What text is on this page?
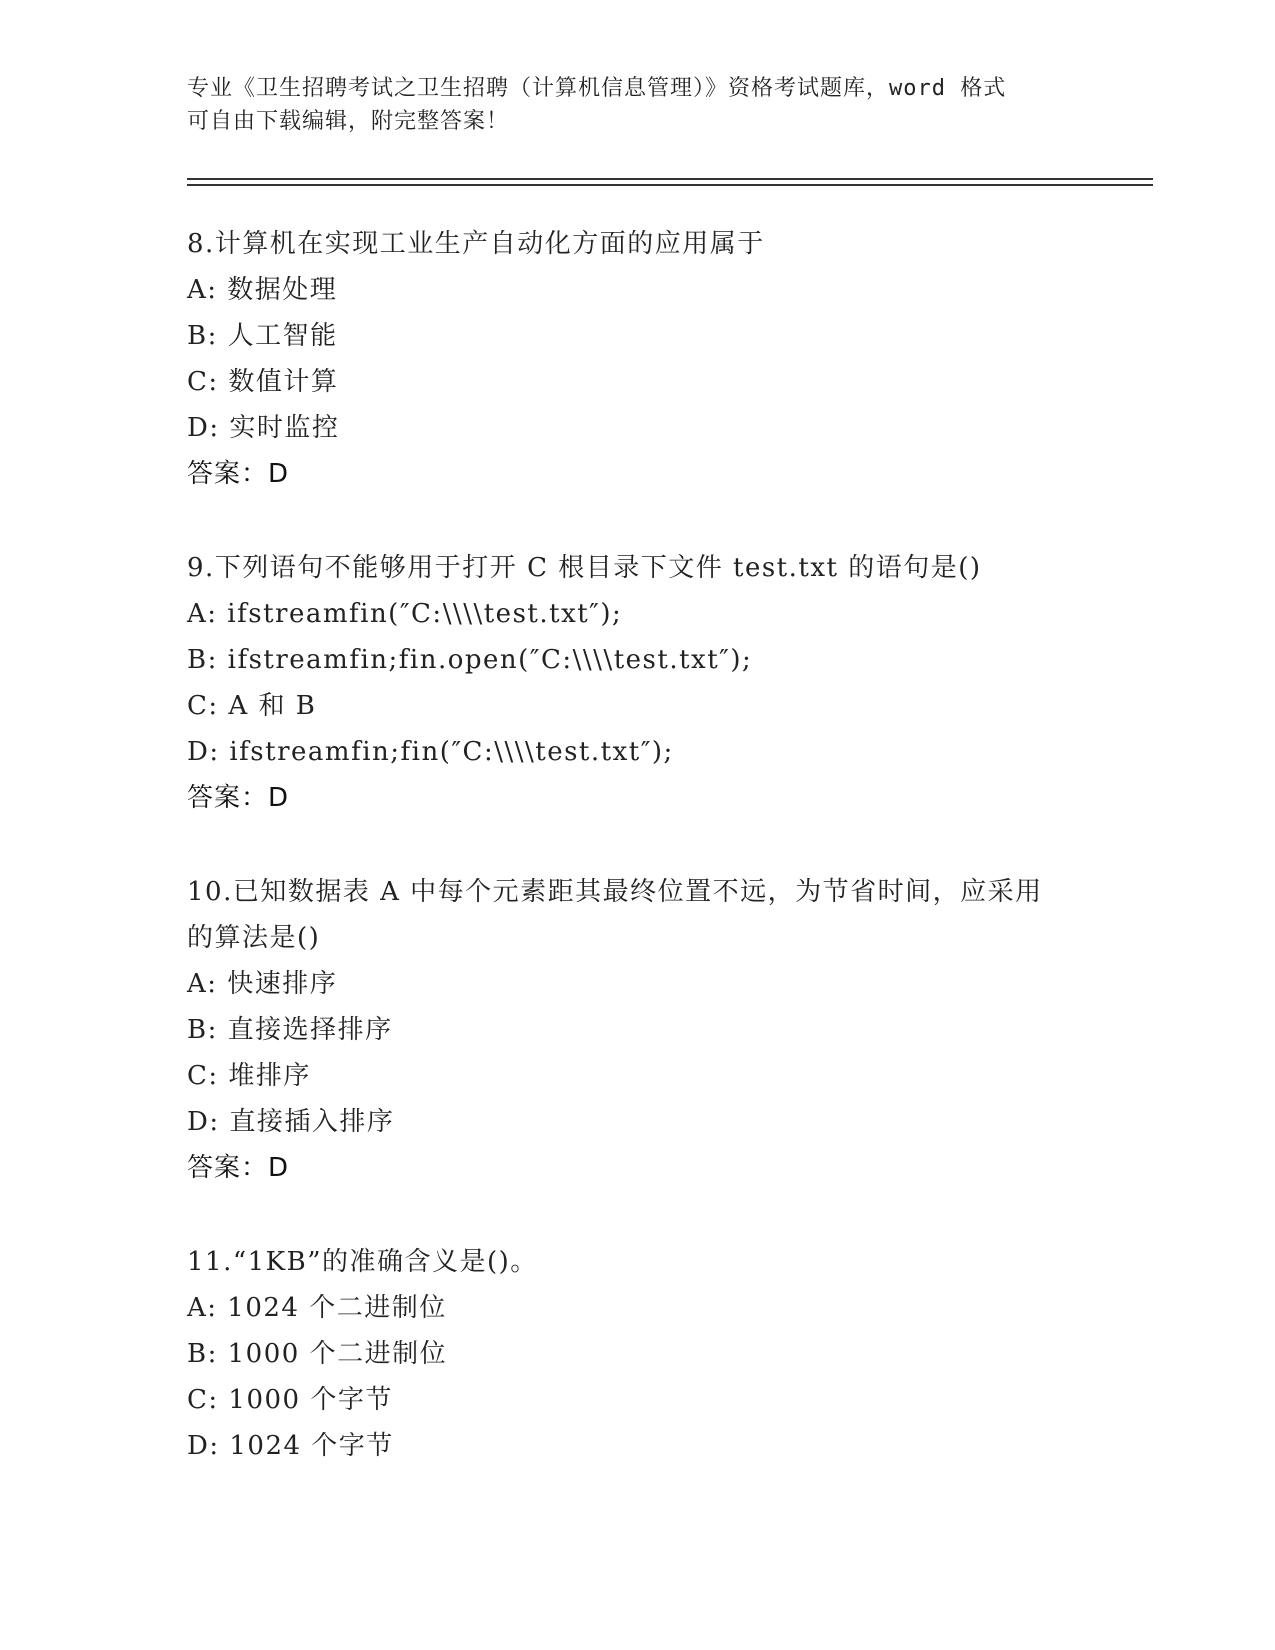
专业《卫生招聘考试之卫生招聘（计算机信息管理）》资格考试题库，word 格式
可自由下载编辑，附完整答案！
8.计算机在实现工业生产自动化方面的应用属于
A: 数据处理
B: 人工智能
C: 数值计算
D: 实时监控
答案：D
9.下列语句不能够用于打开 C 根目录下文件 test.txt 的语句是()
A: ifstreamfin(″C:\\\\test.txt″);
B: ifstreamfin;fin.open(″C:\\\\test.txt″);
C: A 和 B
D: ifstreamfin;fin(″C:\\\\test.txt″);
答案：D
10.已知数据表 A 中每个元素距其最终位置不远，为节省时间，应采用
的算法是()
A: 快速排序
B: 直接选择排序
C: 堆排序
D: 直接插入排序
答案：D
11.“1KB”的准确含义是()。
A: 1024 个二进制位
B: 1000 个二进制位
C: 1000 个字节
D: 1024 个字节
